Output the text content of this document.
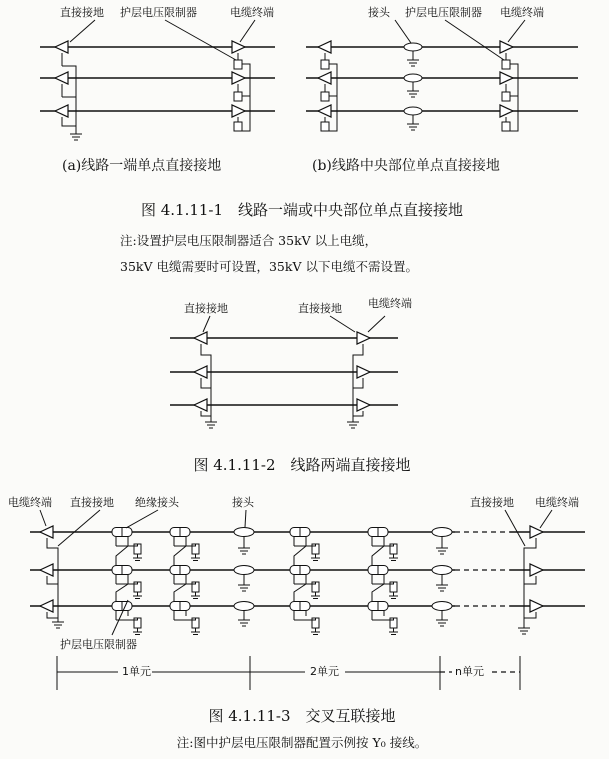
直接接地 护层电压限制器	电缆终端
(a)线路一端单点直接接地
接头 护层电压限制器 电缆终端
(b)线路中央部位单点直接接地
图 4.1.11-1　线路一端或中央部位单点直接接地
注:设置护层电压限制器适合 35kV 以上电缆，
35kV 电缆需要时可设置，35kV 以下电缆不需设置。
直接接地	直接接地 电缆终端
图 4.1.11-2　线路两端直接接地
电缆终端 直接接地 绝缘接头	接头	直接接地 电缆终端
护层电压限制器
1单元	2单元	n单元
图 4.1.11-3　交叉互联接地
注:图中护层电压限制器配置示例按 Y₀ 接线。
